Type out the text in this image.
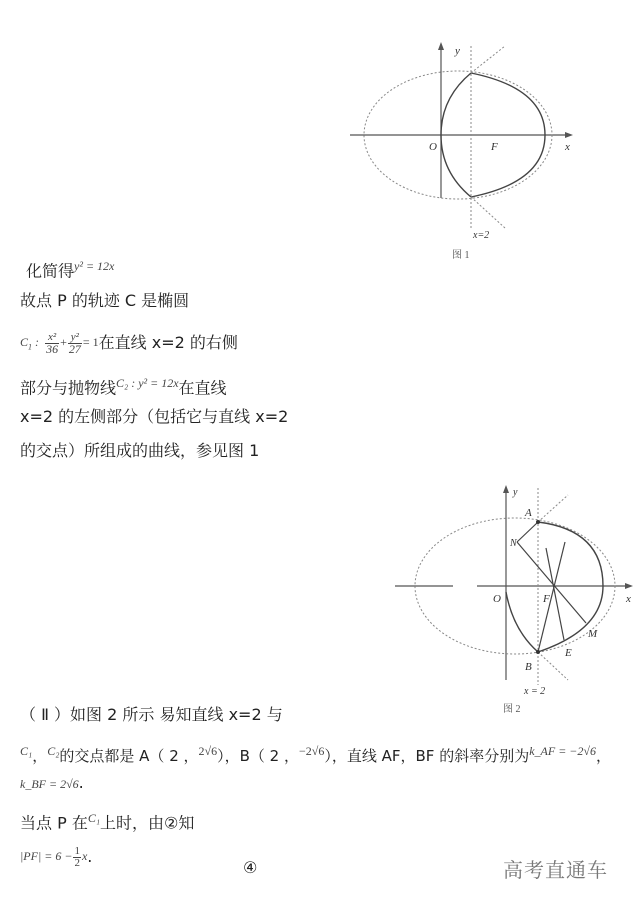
y
x
O	F
x=2
图 1
化简得$^{y^2 = 12x}$
故点 P 的轨迹 C 是椭圆
$^{C_1 :} \frac{\text{x²}}{36} ^+ \frac{\text{y²}}{27} ^{= 1}$在直线 x=2 的右侧
部分与抛物线$^{C_2 : y^2 = 12x}$在直线
x=2 的左侧部分（包括它与直线 x=2
的交点）所组成的曲线，参见图 1
A
N
y
x
O	F
M
E
B
x = 2
图 2
（ Ⅱ ）如图 2 所示 易知直线 x=2 与
$^{C_1}$，$^{C_2}$的交点都是 A（ 2 ，$^{2√6}$），B（ 2 ，$^{-2√6}$），直线 AF，BF 的斜率分别为$^{k\_AF = -2√6}$，
k_BF = 2√6.
当点 P 在$^{C_1}$上时，由②知
$^{|PF| = 6 -} \frac{1}{2} ^x$.
④	高考直通车
